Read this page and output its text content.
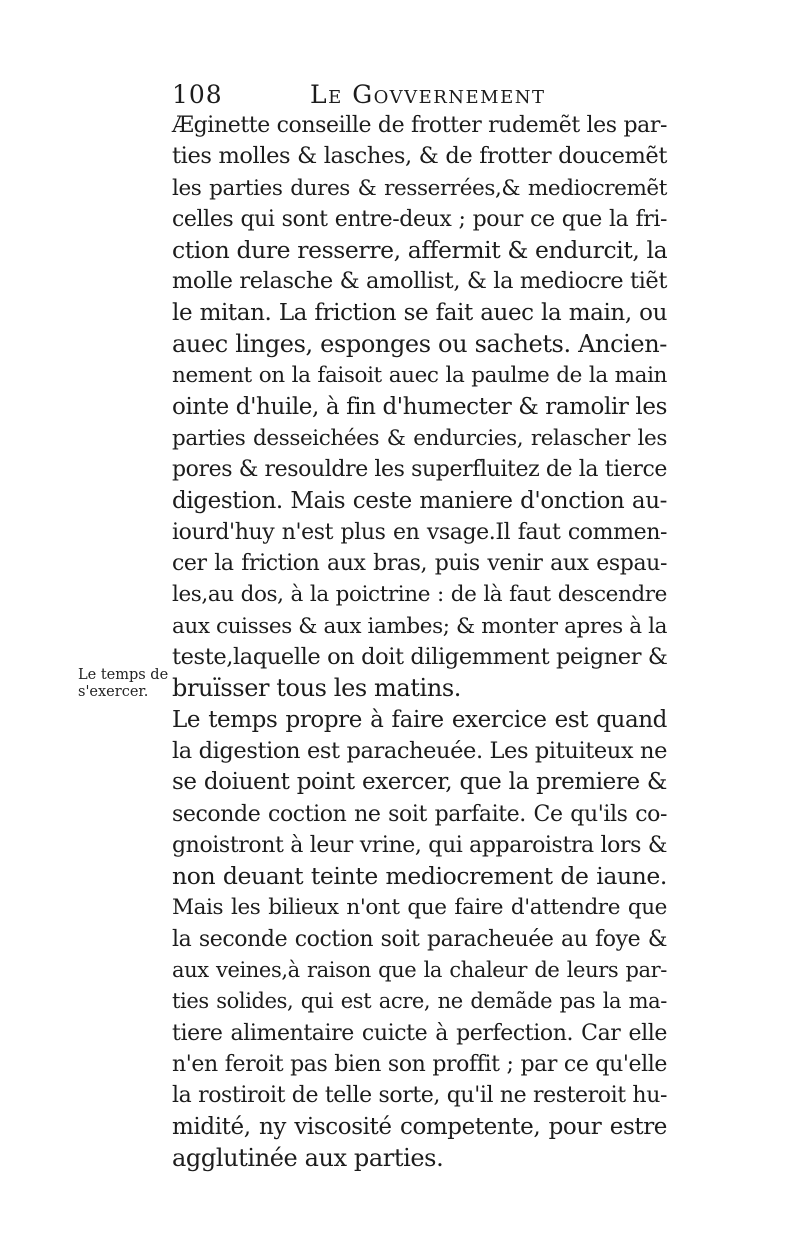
108	Le Govvernement
Le temps de
s'exercer.
Æginette conseille de frotter rudemẽt les par-
ties molles & lasches, & de frotter doucemẽt
les parties dures & resserrées,& mediocremẽt
celles qui sont entre-deux ; pour ce que la fri-
ction dure resserre, affermit & endurcit, la
molle relasche & amollist, & la mediocre tiẽt
le mitan. La friction se fait auec la main, ou
auec linges, esponges ou sachets. Ancien-
nement on la faisoit auec la paulme de la main
ointe d'huile, à fin d'humecter & ramolir les
parties desseichées & endurcies, relascher les
pores & resouldre les superfluitez de la tierce
digestion. Mais ceste maniere d'onction au-
iourd'huy n'est plus en vsage.Il faut commen-
cer la friction aux bras, puis venir aux espau-
les,au dos, à la poictrine : de là faut descendre
aux cuisses & aux iambes; & monter apres à la
teste,laquelle on doit diligemment peigner &
bruïsser tous les matins.
Le temps propre à faire exercice est quand
la digestion est paracheuée. Les pituiteux ne
se doiuent point exercer, que la premiere &
seconde coction ne soit parfaite. Ce qu'ils co-
gnoistront à leur vrine, qui apparoistra lors &
non deuant teinte mediocrement de iaune.
Mais les bilieux n'ont que faire d'attendre que
la seconde coction soit paracheuée au foye &
aux veines,à raison que la chaleur de leurs par-
ties solides, qui est acre, ne demãde pas la ma-
tiere alimentaire cuicte à perfection. Car elle
n'en feroit pas bien son proffit ; par ce qu'elle
la rostiroit de telle sorte, qu'il ne resteroit hu-
midité, ny viscosité competente, pour estre
agglutinée aux parties.
